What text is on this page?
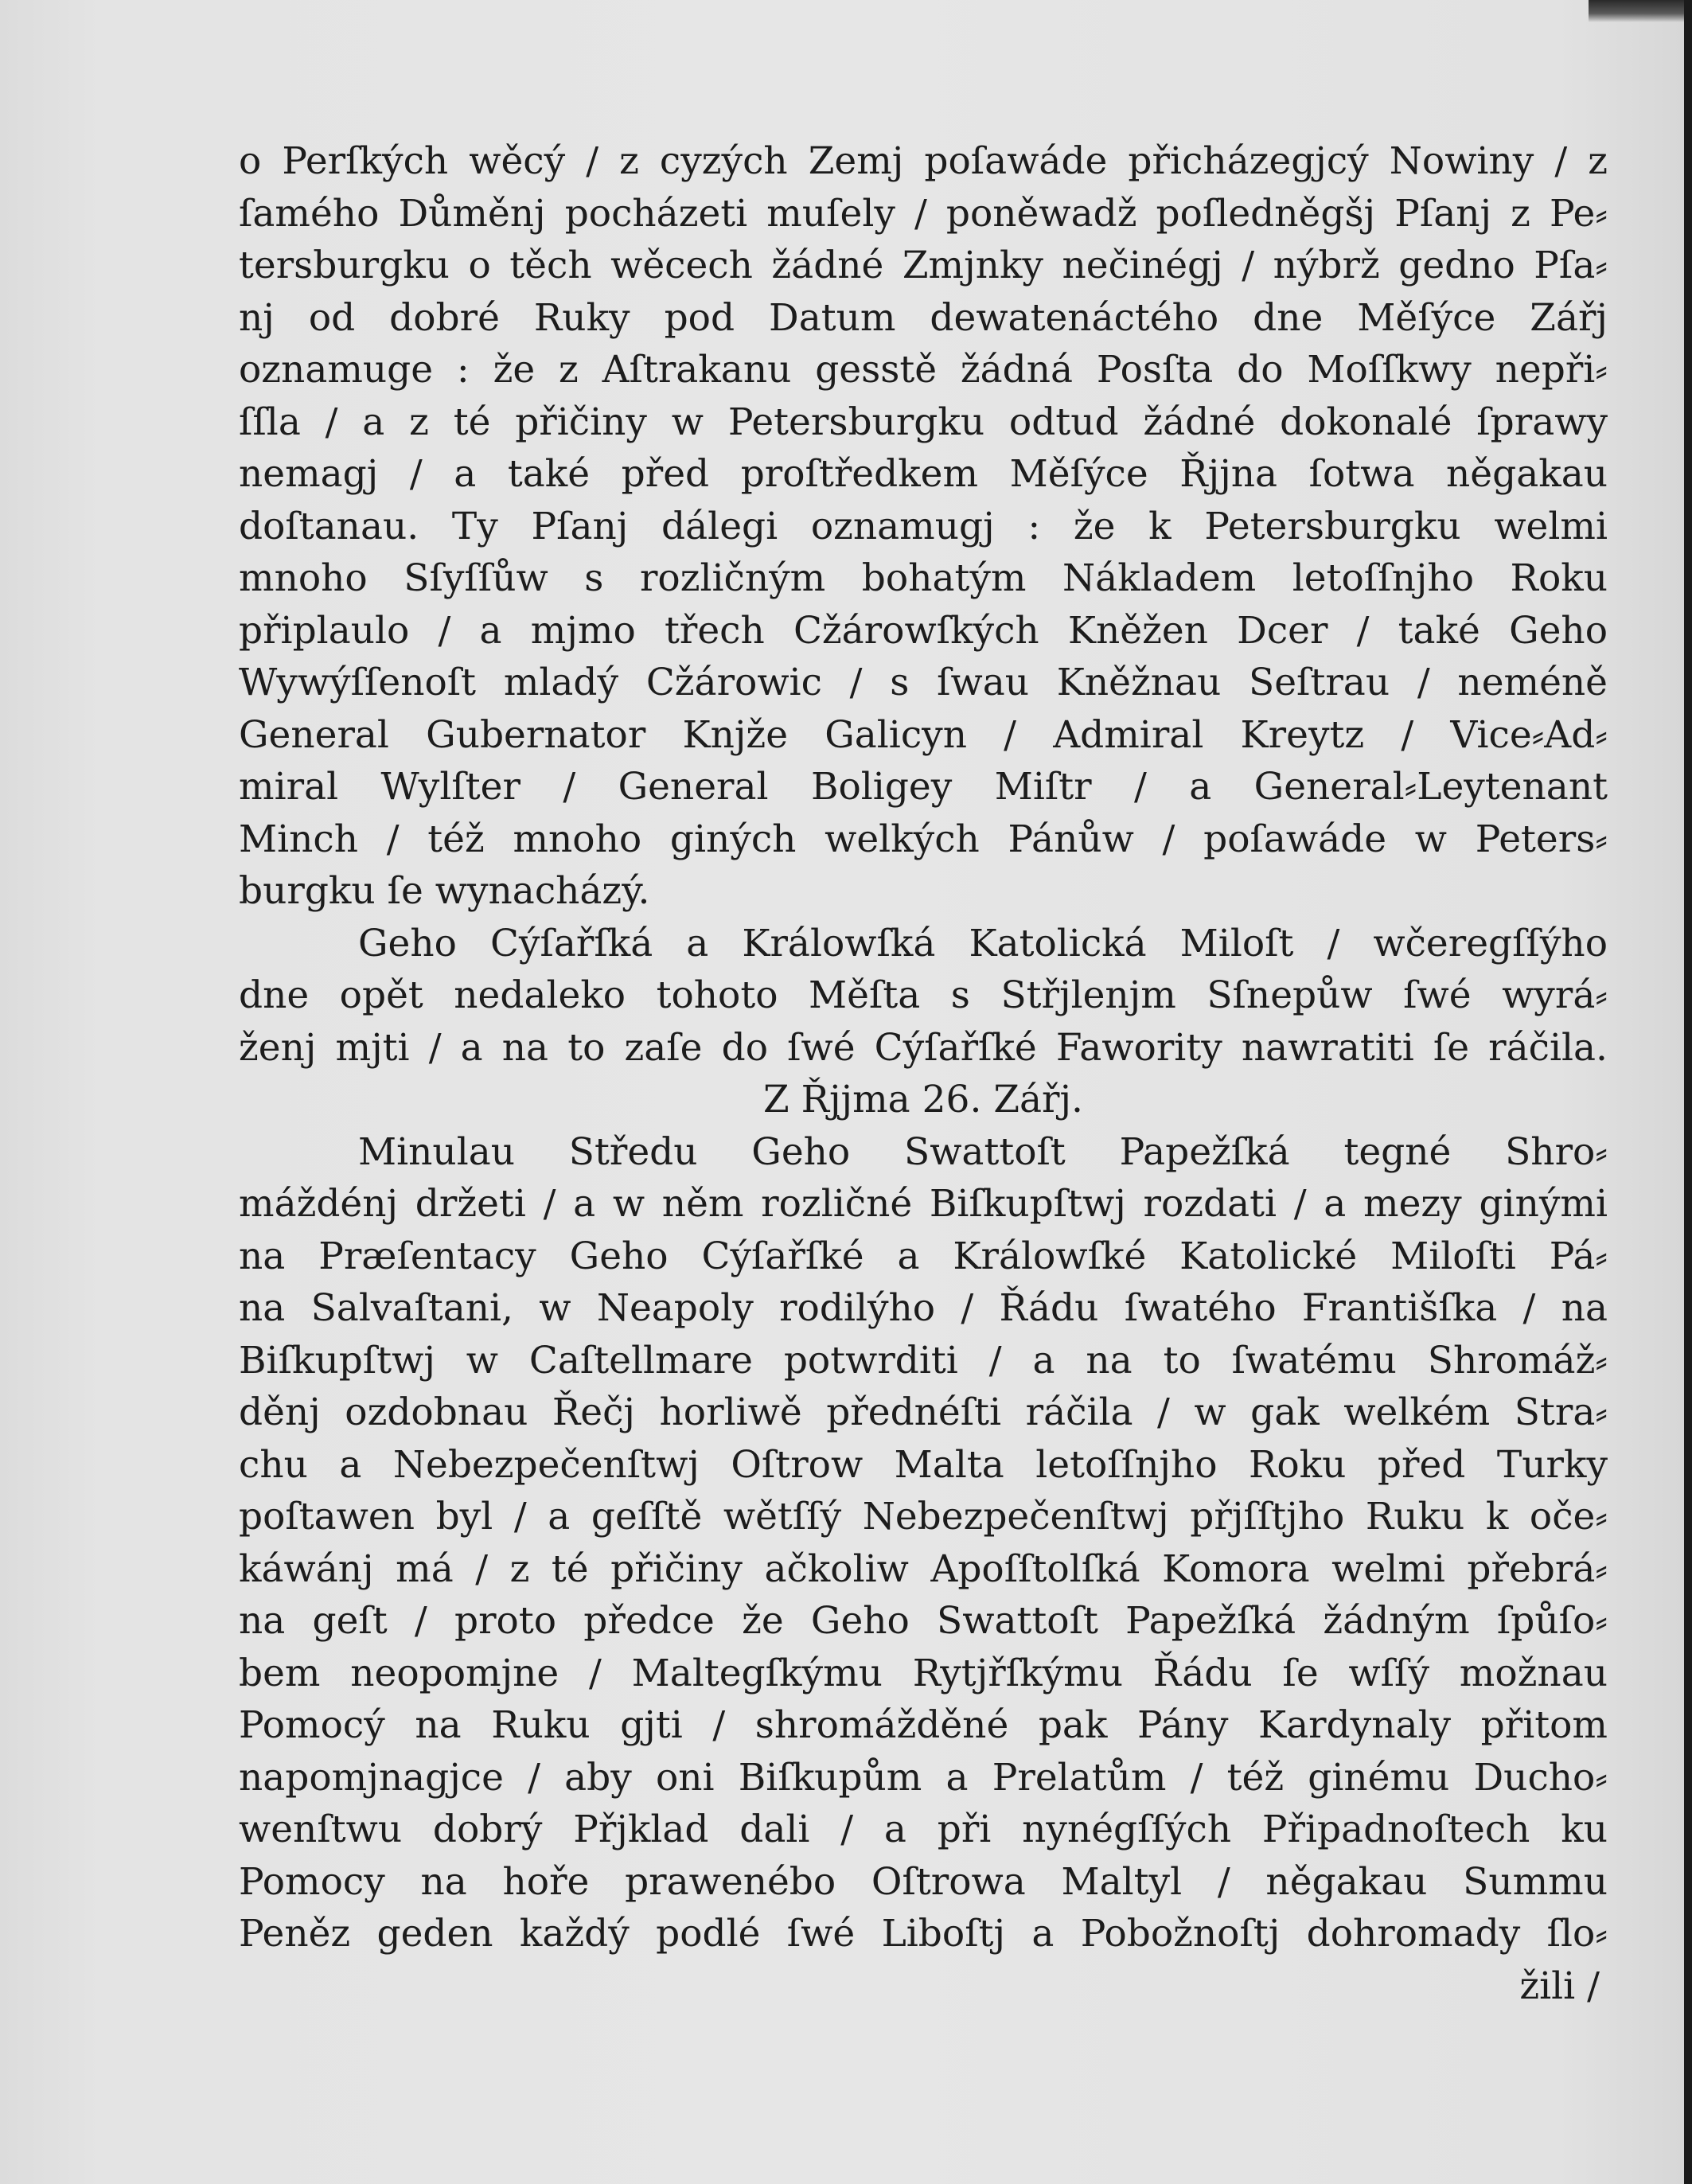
o Perſkých wěcý / z cyzých Zemj poſawáde přicházegjcý Nowiny / z
ſamého Důměnj pocházeti muſely / poněwadž poſledněgšj Pſanj z Pe⸗
tersburgku o těch wěcech žádné Zmjnky nečinégj / nýbrž gedno Pſa⸗
nj od dobré Ruky pod Datum dewatenáctého dne Měſýce Zářj
oznamuge : že z Aſtrakanu gesstě žádná Posſta do Moſſkwy nepři⸗
ſſla / a z té přičiny w Petersburgku odtud žádné dokonalé ſprawy
nemagj / a také před proſtředkem Měſýce Řjjna ſotwa něgakau
doſtanau. Ty Pſanj dálegi oznamugj : že k Petersburgku welmi
mnoho Sſyſſůw s rozličným bohatým Nákladem letoſſnjho Roku
připlaulo / a mjmo třech Cžárowſkých Kněžen Dcer / také Geho
Wywýſſenoſt mladý Cžárowic / s ſwau Kněžnau Seſtrau / neméně
General Gubernator Knjže Galicyn / Admiral Kreytz / Vice⸗Ad⸗
miral Wylſter / General Boligey Miſtr / a General⸗Leytenant
Minch / též mnoho giných welkých Pánůw / poſawáde w Peters⸗
burgku ſe wynacházý.
Geho Cýſařſká a Králowſká Katolická Miloſt / wčeregſſýho
dne opět nedaleko tohoto Měſta s Střjlenjm Sſnepůw ſwé wyrá⸗
ženj mjti / a na to zaſe do ſwé Cýſařſké Fawority nawratiti ſe ráčila.
Z Řjjma 26. Zářj.
Minulau Středu Geho Swattoſt Papežſká tegné Shro⸗
máždénj držeti / a w něm rozličné Biſkupſtwj rozdati / a mezy ginými
na Præſentacy Geho Cýſařſké a Králowſké Katolické Miloſti Pá⸗
na Salvaſtani, w Neapoly rodilýho / Řádu ſwatého Františſka / na
Biſkupſtwj w Caſtellmare potwrditi / a na to ſwatému Shromáž⸗
děnj ozdobnau Řečj horliwě přednéſti ráčila / w gak welkém Stra⸗
chu a Nebezpečenſtwj Oſtrow Malta letoſſnjho Roku před Turky
poſtawen byl / a geſſtě wětſſý Nebezpečenſtwj přjſſtjho Ruku k oče⸗
káwánj má / z té přičiny ačkoliw Apoſſtolſká Komora welmi přebrá⸗
na geſt / proto předce že Geho Swattoſt Papežſká žádným ſpůſo⸗
bem neopomjne / Maltegſkýmu Rytjřſkýmu Řádu ſe wſſý možnau
Pomocý na Ruku gjti / shromážděné pak Pány Kardynaly přitom
napomjnagjce / aby oni Biſkupům a Prelatům / též ginému Ducho⸗
wenſtwu dobrý Přjklad dali / a při nynégſſých Připadnoſtech ku
Pomocy na hoře prawenébo Oſtrowa Maltyl / něgakau Summu
Peněz geden každý podlé ſwé Liboſtj a Pobožnoſtj dohromady ſlo⸗
žili /
